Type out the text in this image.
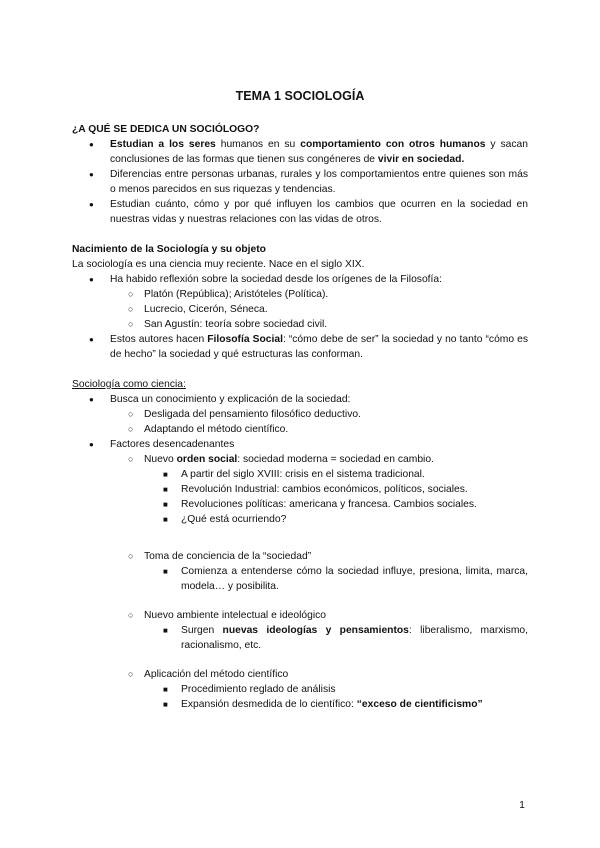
TEMA 1 SOCIOLOGÍA

¿A QUÉ SE DEDICA UN SOCIÓLOGO?

● Estudian a los seres humanos en su comportamiento con otros humanos y sacan conclusiones de las formas que tienen sus congéneres de vivir en sociedad.
● Diferencias entre personas urbanas, rurales y los comportamientos entre quienes son más o menos parecidos en sus riquezas y tendencias.
● Estudian cuánto, cómo y por qué influyen los cambios que ocurren en la sociedad en nuestras vidas y nuestras relaciones con las vidas de otros.

Nacimiento de la Sociología y su objeto

La sociología es una ciencia muy reciente. Nace en el siglo XIX.

● Ha habido reflexión sobre la sociedad desde los orígenes de la Filosofía:
○ Platón (República); Aristóteles (Política).
○ Lucrecio, Cicerón, Séneca.
○ San Agustín: teoría sobre sociedad civil.
● Estos autores hacen Filosofía Social: “cómo debe de ser” la sociedad y no tanto “cómo es de hecho” la sociedad y qué estructuras las conforman.

Sociología como ciencia:

● Busca un conocimiento y explicación de la sociedad:
○ Desligada del pensamiento filosófico deductivo.
○ Adaptando el método científico.
● Factores desencadenantes
○ Nuevo orden social: sociedad moderna = sociedad en cambio.
■ A partir del siglo XVIII: crisis en el sistema tradicional.
■ Revolución Industrial: cambios económicos, políticos, sociales.
■ Revoluciones políticas: americana y francesa. Cambios sociales.
■ ¿Qué está ocurriendo?
○ Toma de conciencia de la “sociedad”
■ Comienza a entenderse cómo la sociedad influye, presiona, limita, marca, modela… y posibilita.
○ Nuevo ambiente intelectual e ideológico
■ Surgen nuevas ideologías y pensamientos: liberalismo, marxismo, racionalismo, etc.
○ Aplicación del método científico
■ Procedimiento reglado de análisis
■ Expansión desmedida de lo científico: “exceso de cientificismo”
1
